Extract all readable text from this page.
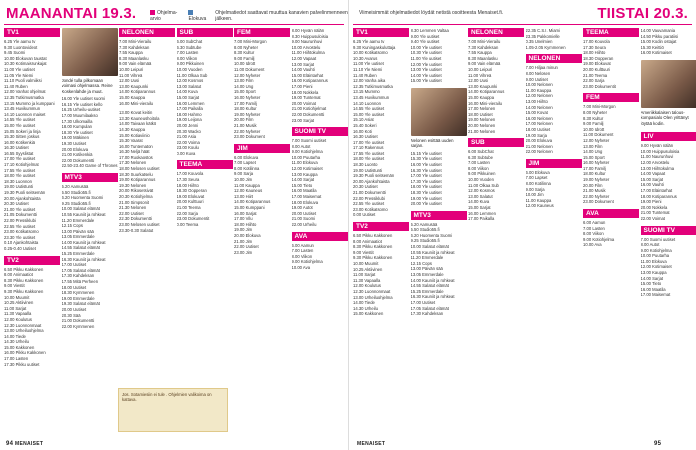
MAANANTAI 19.3.	Ohjelma-arvio	Elokuva
Ohjelmatiedot saattavat muuttua kanavien palvelinmenneen jälkeen.
TV1
6.25 Yle aamu tv
9.30 Luontovideot
9.45 Suomi
10.00 Elokuvan taustat
10.30 Kotimaisrunkajat
11.00 Yle uutiset
11.05 Yle Niemi
11.10 Puoli valmiiksi
11.40 Ruben
12.00 Vanhat ohjelmat
12.35 Tutkimusmatka
13.15 Mummo ja kumppani
13.45 Huvikummun
14.10 Luonnon maiset
14.55 Yle uutiset
15.00 Yle uutiset
15.05 Sokeri ja linja
15.30 Sitten joskus
16.00 Kotikenkiä
16.30 Uutiset
16.55 Syyslistat
17.00 Yle uutiset
17.10 Kotiohjelmat
17.55 Yle uutiset
18.00 Yle uutiset
18.30 Luonnon
19.00 Uutistunti
19.30 Puoli seitsemän
20.00 Ajankohtaista
20.30 Uutiset
21.00 Yle uutiset
21.05 Dokumentti
22.00 Pressiklubi
22.55 Yle uutiset
23.00 Kotikatsomo
23.30 Yle uutiset
0.10 Ajankohtaista
0.25-0.40 Uutiset
TV2
6.50 Pikku Kakkonen
8.00 Animaatiot
8.30 Pikku Kakkonen
9.00 Viestit
9.30 Pikku Kakkonen
10.00 Muumit
10.25 Aktiivinen
11.00 Sarjat
11.30 Vapaalla
12.00 Koulutus
12.30 Luonnonmaat
13.00 Urheiluohjelma
14.00 Tiede
14.30 Urheilu
15.00 Kakkonen
16.00 Pikku Kakkonen
17.00 Lasten
17.30 Pikku uutiset
Jondé tulla pilkomaan voimasi ohjelmassa. Reine Koskenlahde ja muut.
16.00 Yle uutiset suomi
16.15 Yle uutiset kello
16.25 Urheilu-uutiset
17.00 Muumilaakso
17.30 Ulkomailla
18.00 Kumpulan
18.30 Yle uutiset
19.00 Mäkinen
19.30 Uutiset
20.00 Elokuva
21.00 Kotikenkiä
22.00 Dokumentti
22.50-23.40 Game of Thrones
MTV3
5.20 Aamusää
5.50 Studio55.fi
6.20 Huomenta Suomi
9.25 Studio55.fi
10.00 Salatut elämät
10.55 Kauniit ja rohkeat
11.20 Emmerdale
12.15 Cops
13.00 Päivän sää
13.05 Emmerdale
14.00 Kauniit ja rohkeat
14.55 Salatut elämät
15.25 Emmerdale
16.30 Kauniit ja rohkeat
17.00 Uutiset
17.05 Salatut elämät
17.30 Kahdeksan
17.55 Mitä Perheen
18.00 Uutiset
18.30 Kymmenen
19.00 Emmerdale
19.30 Salatut elämät
20.00 Uutiset
20.30 Sää
21.00 Dokumentti
22.00 Kymmenen
NELONEN
7.00 Mini-Vierailu
7.30 Kahdeksan
7.55 Kauppa
8.30 Maanlasku
9.00 Vain elämää
10.00 Leipuri
11.00 Vihreä
12.00 Uusi
13.00 Kaupunki
14.00 Kotiparannus
15.00 Kauppa
16.00 Mini-vierailu
13.00 Kovat keitin
13.30 Kauneushoitola
14.00 Taivaan kätkö
14.30 Kauppa
15.00 Kotiaviinio
15.30 Vaarat
16.00 Tuntematon
16.30 Neljä häät
17.00 Ruokaostos
17.30 Nelonen
18.00 Nelosen uutiset
18.30 Suurkatselu
19.00 Kotiparannus
19.30 Nelonen
20.00 Rikosetsivät
20.30 Kotiohjelma
21.00 Simpsonit
21.30 Nelonen
22.00 Uutiset
22.30 Dokumentti
23.00 Nelosen uutiset
23.30-0.30 Salatut
SUB
6.00 SubChat
6.30 Subtube
7.00 Lasten
8.00 Viikon
9.00 Pikkuinen
10.00 Vuoden
11.00 Olkaa Sub
12.00 Kosmos
13.00 Salatut
14.00 Kuva
15.00 Sarjat
16.00 Lemmen
17.00 Paikalla
18.00 Hahmo
19.00 Leijona
20.00 Jenni
20.30 Wacko
21.00 Asia
22.00 Voima
23.00 Koulu
0.00 Kuva
TEEMA
17.00 Kouvola
17.30 Seura
18.00 Hiihto
18.30 Oopperan
19.00 Elokuvat
20.00 Kulttuuri
21.00 Teema
22.00 Sarja
23.00 Dokumentit
0.00 Teema
FEM
7.00 Mini-Morgon
8.00 Nyheter
8.30 Kultur
9.00 Familj
10.00 Idrott
11.00 Dokument
12.00 Nyheter
13.00 Film
14.00 Ung
15.00 Sport
16.00 Nyheter
17.00 Familj
18.00 Kultur
19.00 Nyheter
20.00 Film
21.00 Musik
22.00 Nyheter
23.00 Dokument
JIM
6.00 Elokuva
7.00 Lapset
8.00 Kotilinna
9.00 Sarja
10.00 Jim
11.00 Kauppa
12.00 Kauneus
13.00 Hiirt
14.00 Kotiparannus
15.00 Kumppani
16.00 Sarjat
17.00 Vilu
18.00 Hiihto
19.00 Jim
20.00 Elokuva
21.00 Jim
22.00 Uutiset
23.00 Jim
8.00 Hyvän nälän
8.30 Huippusuloisia
9.00 Naurunhuvi
10.00 Arvostelu
11.00 Hiihtokulma
12.00 Vapaat
13.00 Sarjat
14.00 Vauhti
15.00 Eläintarhat
16.00 Kotiparannus
17.00 Pieni
18.00 Nokkela
19.00 Tuntemat
20.00 Voimat
21.00 Kotiohjelmat
22.00 Dokumentti
23.00 Sarjat
SUOMI TV
7.00 Suomi uutiset
8.00 Autot
9.00 Kotiohjelma
10.00 Puutarha
11.00 Elokuva
12.00 Kotimaiset
13.00 Kauppa
14.00 Sarjat
15.00 Tieto
16.00 Maatila
17.00 Maisemat
18.00 Elokuva
19.00 Autot
20.00 Uutiset
21.00 Suomi
22.00 Urheilu
AVA
6.00 Aamun
7.00 Lasten
8.00 Viikon
9.00 Kotiohjelma
10.00 Ava
Jos. Sotamiesiin ei tule . Ohjelmien valikoima on kattava.
94 MENAISET
Viimeisimmät ohjelmatiedot löydät netistä osoitteesta Menaiset.fi.	TIISTAI 20.3.
TV1
6.25 Yle aamu tv
9.30 Kuningaskuluttaja
10.00 Kotikatsomo
10.30 Avarus
11.00 Yle uutiset
11.10 Yle Niemi
11.40 Ruben
12.00 Vanha aika
12.35 Tutkimusmatka
13.15 Mummo
13.45 Huvikummun
14.10 Luonnon
14.55 Yle uutiset
15.00 Yle uutiset
15.10 Asiat
15.40 Sokeri
16.00 Koti
16.30 Uutiset
17.00 Yle uutiset
17.10 Rakennus
17.55 Yle uutiset
18.00 Yle uutiset
18.30 Luonto
19.00 Uutistunti
19.30 Puoli seitsemän
20.00 Ajankohtaista
20.30 Uutiset
21.00 Dokumentti
22.00 Pressiklubi
22.55 Yle uutiset
23.00 Kotikatsomo
0.00 Uutiset
TV2
6.50 Pikku Kakkonen
8.00 Animaatiot
8.30 Pikku Kakkonen
9.00 Viestit
9.30 Pikku Kakkonen
10.00 Muumit
10.25 Aktiivinen
11.00 Sarjat
11.30 Vapaalla
12.00 Koulutus
12.30 Luonnonmaat
13.00 Urheiluohjelma
14.00 Tiede
14.30 Urheilu
15.00 Kakkonen
8.30 Lemmen Valtaa
9.00 Yle uutiset
9.40 Yle uutiset
10.00 Yle uutiset
10.30 Yle uutiset
11.00 Yle uutiset
12.00 Yle uutiset
13.00 Yle uutiset
14.00 Yle uutiset
15.00 Yle uutiset
Nelonen esittää uuden sarjan.
15.15 Yle uutiset
15.30 Yle uutiset
16.00 Yle uutiset
16.30 Yle uutiset
17.00 Yle uutiset
17.30 Yle uutiset
18.00 Yle uutiset
18.30 Yle uutiset
19.00 Yle uutiset
20.00 Yle uutiset
MTV3
5.20 Aamusää
5.50 Studio55.fi
6.20 Huomenta Suomi
9.25 Studio55.fi
10.00 Salatut elämät
10.55 Kauniit ja rohkeat
11.20 Emmerdale
12.15 Cops
13.00 Päivän sää
13.05 Emmerdale
14.00 Kauniit ja rohkeat
14.55 Salatut elämät
15.25 Emmerdale
16.30 Kauniit ja rohkeat
17.00 Uutiset
17.05 Salatut elämät
17.30 Kahdeksan
NELONEN
7.00 Mini-Vierailu
7.30 Kahdeksan
7.55 Kauppa
8.30 Maanlasku
9.00 Vain elämää
10.00 Leipuri
11.00 Vihreä
12.00 Uusi
13.00 Kaupunki
14.00 Kotiparannus
15.00 Kauppa
16.00 Mini-vierailu
17.00 Nelonen
18.00 Uutiset
19.00 Nelonen
20.00 Nelonen
21.00 Nelonen
SUB
6.00 SubChat
6.30 Subtube
7.00 Lasten
8.00 Viikon
9.00 Pikkuinen
10.00 Vuoden
11.00 Olkaa Sub
12.00 Kosmos
13.00 Salatut
14.00 Kuva
15.00 Sarjat
16.00 Lemmen
17.00 Paikalla
22.35 C.S.I. Miami
23.35 Pakkomielle
0.35 Unelmien
1.05-2.05 Kymmenen
NELONEN
7.00 Hiljaa minun
8.00 Nelosen
9.00 Uutiset
10.00 Nelonen
11.00 Kauppa
12.00 Nelonen
13.00 Hiihto
14.00 Nelonen
15.00 Kovat
16.00 Nelonen
17.00 Nelonen
18.00 Uutiset
19.00 Sarja
20.00 Elokuva
21.00 Nelonen
22.00 Nelonen
JIM
6.00 Elokuva
7.00 Lapset
8.00 Kotilinna
9.00 Sarja
10.00 Jim
11.00 Kauppa
12.00 Kauneus
TEEMA
17.00 Kouvola
17.30 Seura
18.00 Hiihto
18.30 Oopperan
19.00 Elokuvat
20.00 Kulttuuri
21.00 Teema
22.00 Sarja
23.00 Dokumentit
FEM
7.00 Mini-Morgon
8.00 Nyheter
8.30 Kultur
9.00 Familj
10.00 Idrott
11.00 Dokument
12.00 Nyheter
13.00 Film
14.00 Ung
15.00 Sport
16.00 Nyheter
17.00 Familj
18.00 Kultur
19.00 Nyheter
20.00 Film
21.00 Musik
22.00 Nyheter
23.00 Dokument
AVA
6.00 Aamun
7.00 Lasten
8.00 Viikon
9.00 Kotiohjelma
10.00 Ava
14.00 Vauvamania
14.50 Pikku paratiisi
15.00 Kodin ostajat
15.30 Keittiö
16.00 Kotimaiset
Ameriikkalaisen talous-kompasialo Olen yrittänyt löytää kodin.
LIV
9.00 Hyvän nälän
10.00 Huippusuloisia
11.00 Naurunhuvi
12.00 Arvostelu
13.00 Hiihtokulma
14.00 Vapaat
15.00 Sarjat
16.00 Vauhti
17.00 Eläintarhat
18.00 Kotiparannus
19.00 Pieni
20.00 Nokkela
21.00 Tuntemat
22.00 Voimat
SUOMI TV
7.00 Suomi uutiset
8.00 Autot
9.00 Kotiohjelma
10.00 Puutarha
11.00 Elokuva
12.00 Kotimaiset
13.00 Kauppa
14.00 Sarjat
15.00 Tieto
16.00 Maatila
17.00 Maisemat
MENAISET	95
